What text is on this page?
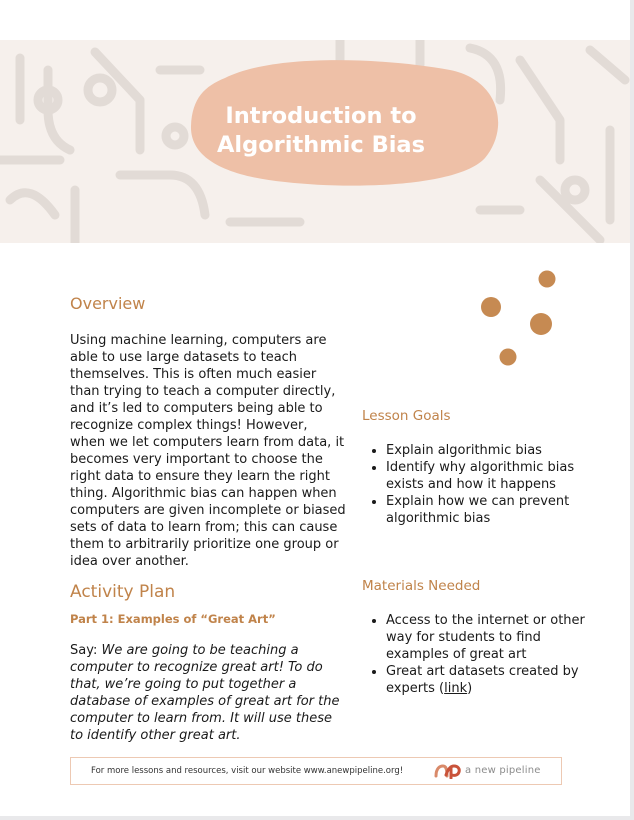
Introduction to
Algorithmic Bias
Overview

Using machine learning, computers are able to use large datasets to teach themselves. This is often much easier than trying to teach a computer directly, and it’s led to computers being able to recognize complex things! However, when we let computers learn from data, it becomes very important to choose the right data to ensure they learn the right thing. Algorithmic bias can happen when computers are given incomplete or biased sets of data to learn from; this can cause them to arbitrarily prioritize one group or idea over another.

Activity Plan
Part 1: Examples of “Great Art”

Say: We are going to be teaching a computer to recognize great art! To do that, we’re going to put together a database of examples of great art for the computer to learn from. It will use these to identify other great art.

Lesson Goals
• Explain algorithmic bias
• Identify why algorithmic bias exists and how it happens
• Explain how we can prevent algorithmic bias
Materials Needed
• Access to the internet or other way for students to find examples of great art
• Great art datasets created by experts (link)

For more lessons and resources, visit our website www.anewpipeline.org!	a new pipeline
